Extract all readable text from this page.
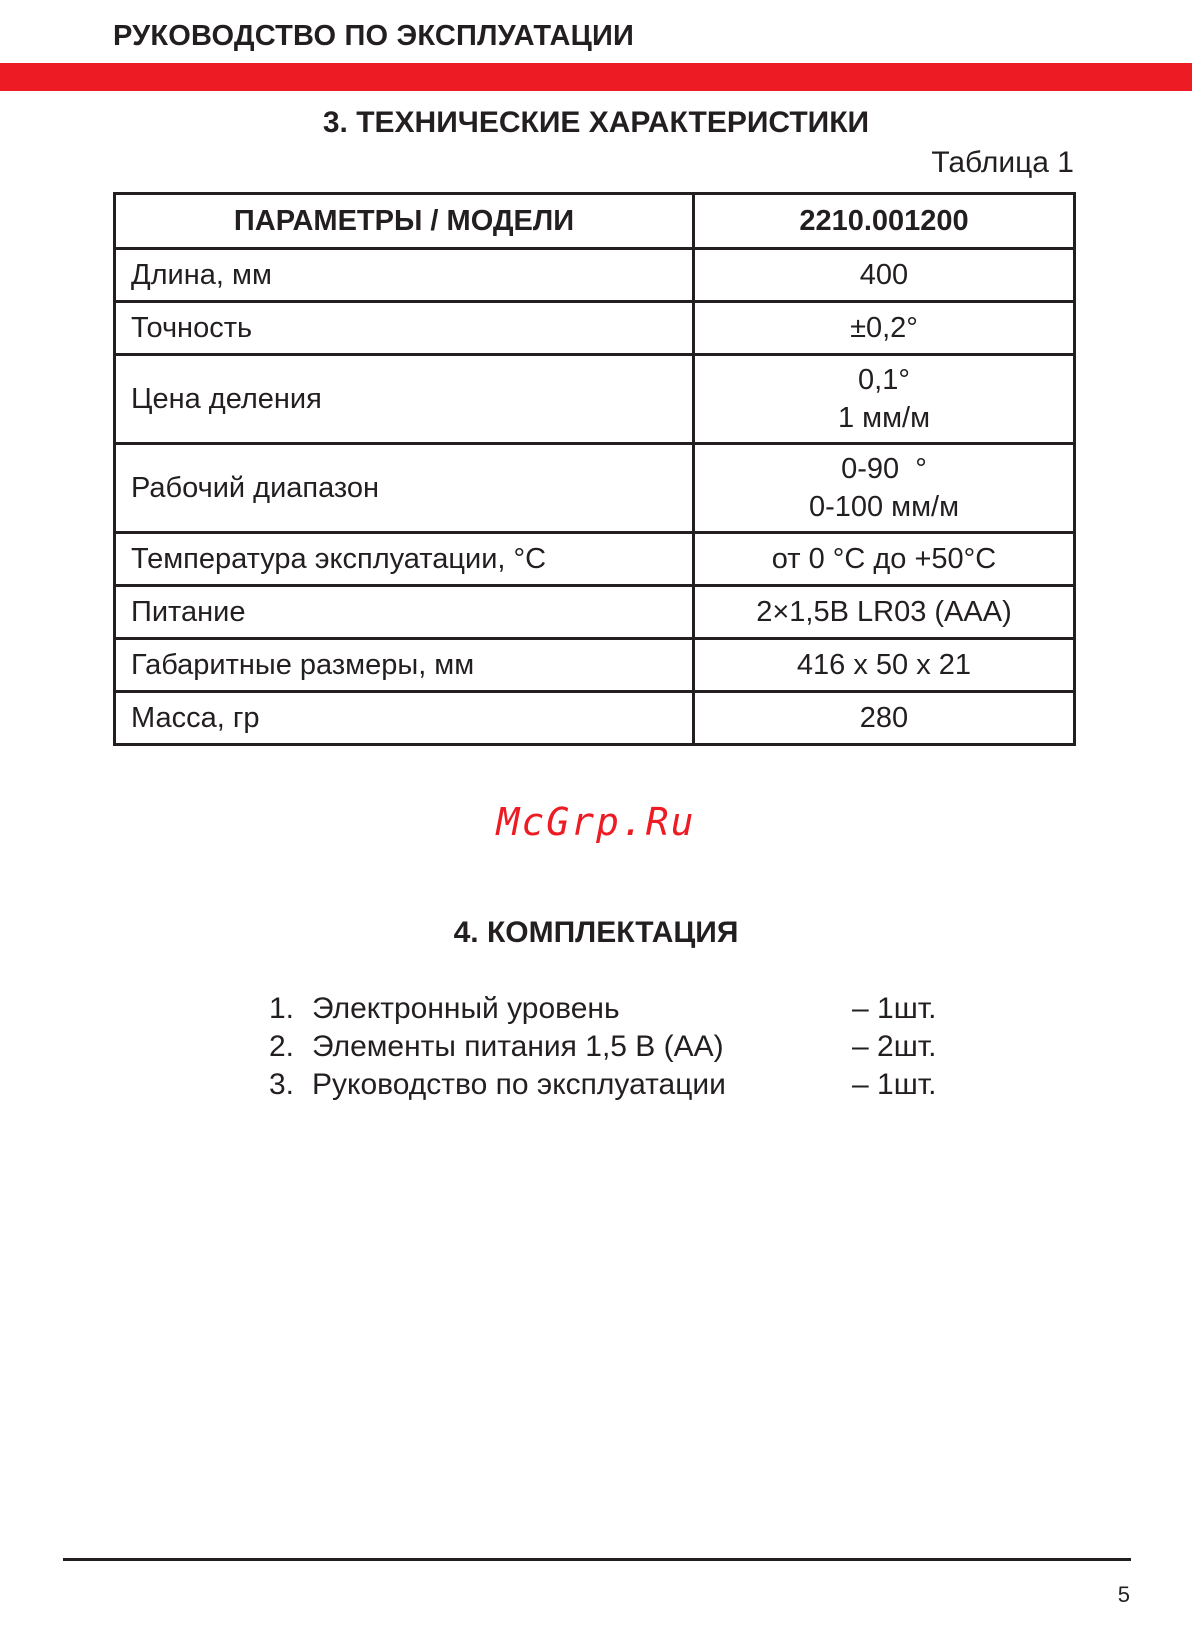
РУКОВОДСТВО ПО ЭКСПЛУАТАЦИИ
3. ТЕХНИЧЕСКИЕ ХАРАКТЕРИСТИКИ
Таблица 1
ПАРАМЕТРЫ / МОДЕЛИ	2210.001200
Длина, мм	400

Точность	±0,2°

Цена деления	0,1°
1 мм/м

Рабочий диапазон	0-90  °
0-100 мм/м

Температура эксплуатации, °C	от 0 °C до +50°C

Питание	2×1,5В LR03 (AAA)

Габаритные размеры, мм	416 x 50 x 21

Масса, гр	280
McGrp.Ru
4. КОМПЛЕКТАЦИЯ
1. Электронный уровень	– 1шт.
2. Элементы питания 1,5 В (АА)	– 2шт.
3. Руководство по эксплуатации	– 1шт.
5
